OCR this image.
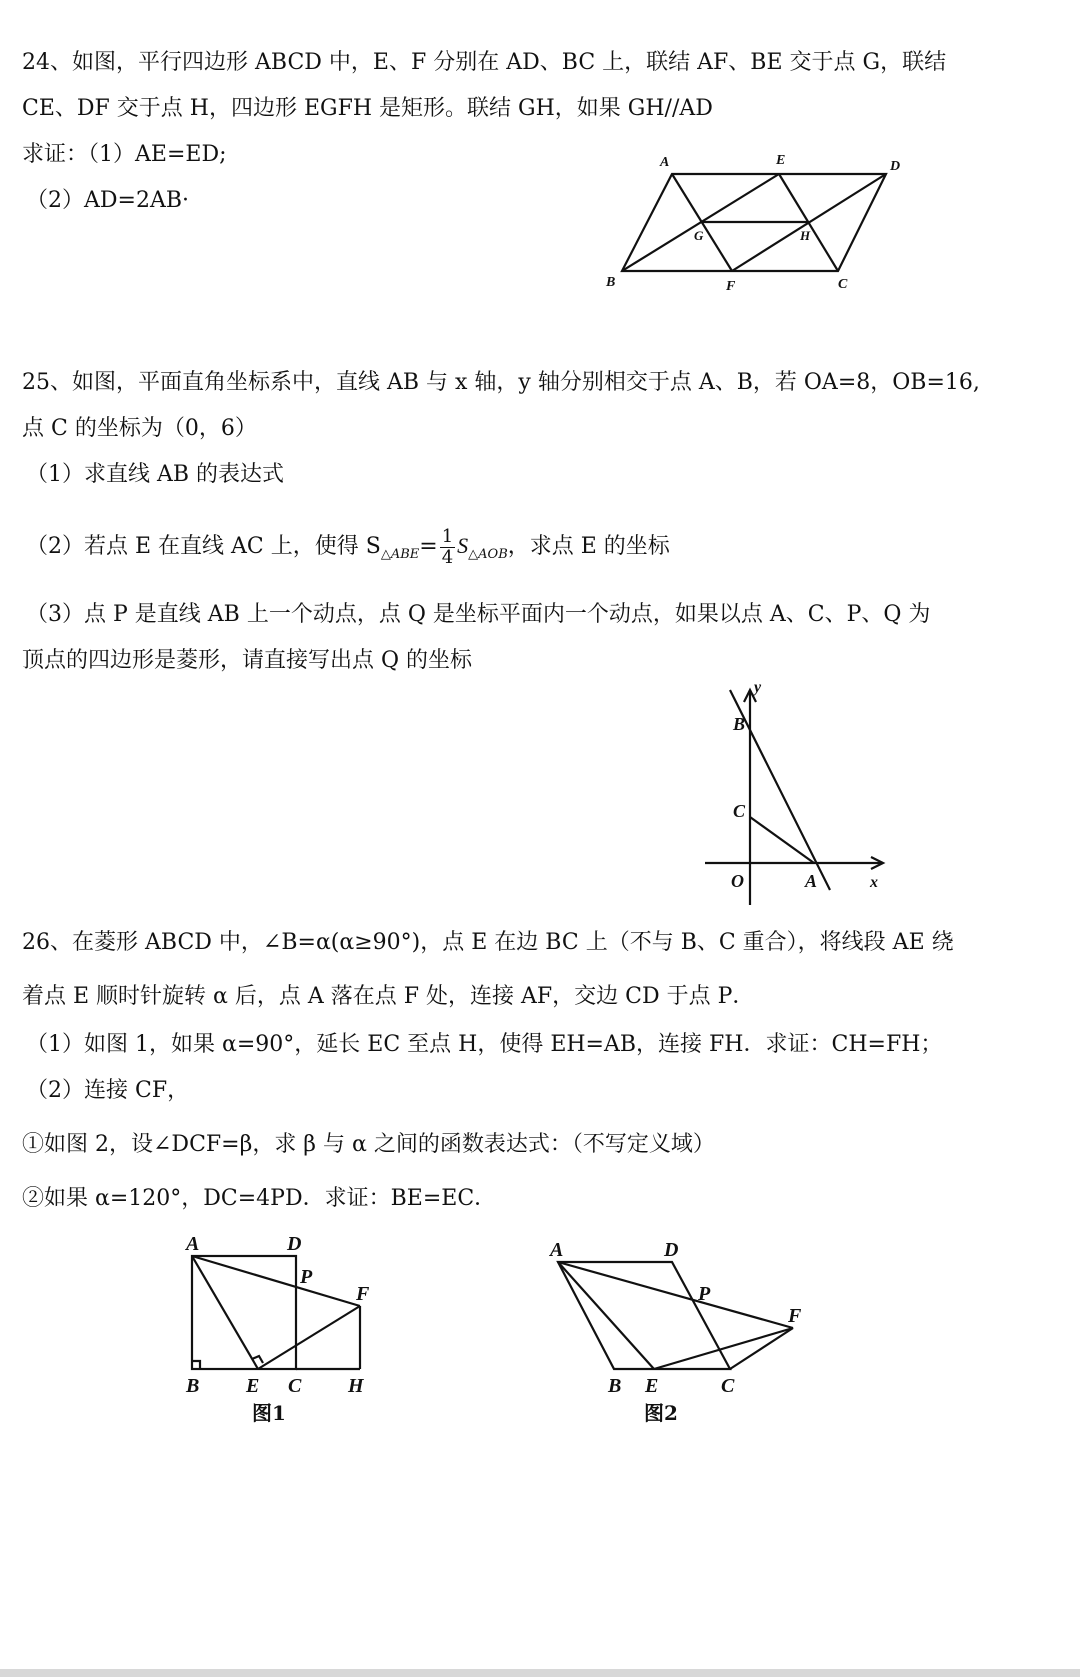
24、如图，平行四边形 ABCD 中，E、F 分别在 AD、BC 上，联结 AF、BE 交于点 G，联结
CE、DF 交于点 H，四边形 EGFH 是矩形。联结 GH，如果 GH//AD
求证：（1）AE=ED;
（2）AD=2AB·
A	E	D
G	H
B	F	C
25、如图，平面直角坐标系中，直线 AB 与 x 轴，y 轴分别相交于点 A、B，若 OA=8，OB=16,
点 C 的坐标为（0，6）
（1）求直线 AB 的表达式
（2）若点 E 在直线 AC 上，使得 $S_{\triangle ABE}= \frac{1}{4} S_{\triangle AOB}$，求点 E 的坐标
（3）点 P 是直线 AB 上一个动点，点 Q 是坐标平面内一个动点，如果以点 A、C、P、Q 为
顶点的四边形是菱形，请直接写出点 Q 的坐标
y
x
B
C
O	A
26、在菱形 ABCD 中，∠B=α(α≥90°)，点 E 在边 BC 上（不与 B、C 重合），将线段 AE 绕
着点 E 顺时针旋转 α 后，点 A 落在点 F 处，连接 AF，交边 CD 于点 P．
（1）如图 1，如果 α=90°，延长 EC 至点 H，使得 EH=AB，连接 FH．求证：CH=FH；
（2）连接 CF，
①如图 2，设∠DCF=β，求 β 与 α 之间的函数表达式：（不写定义域）
②如果 α=120°，DC=4PD．求证：BE=EC．
A	D
P
F
B E C H
图1
A	D
P
F
B E	C
图2
